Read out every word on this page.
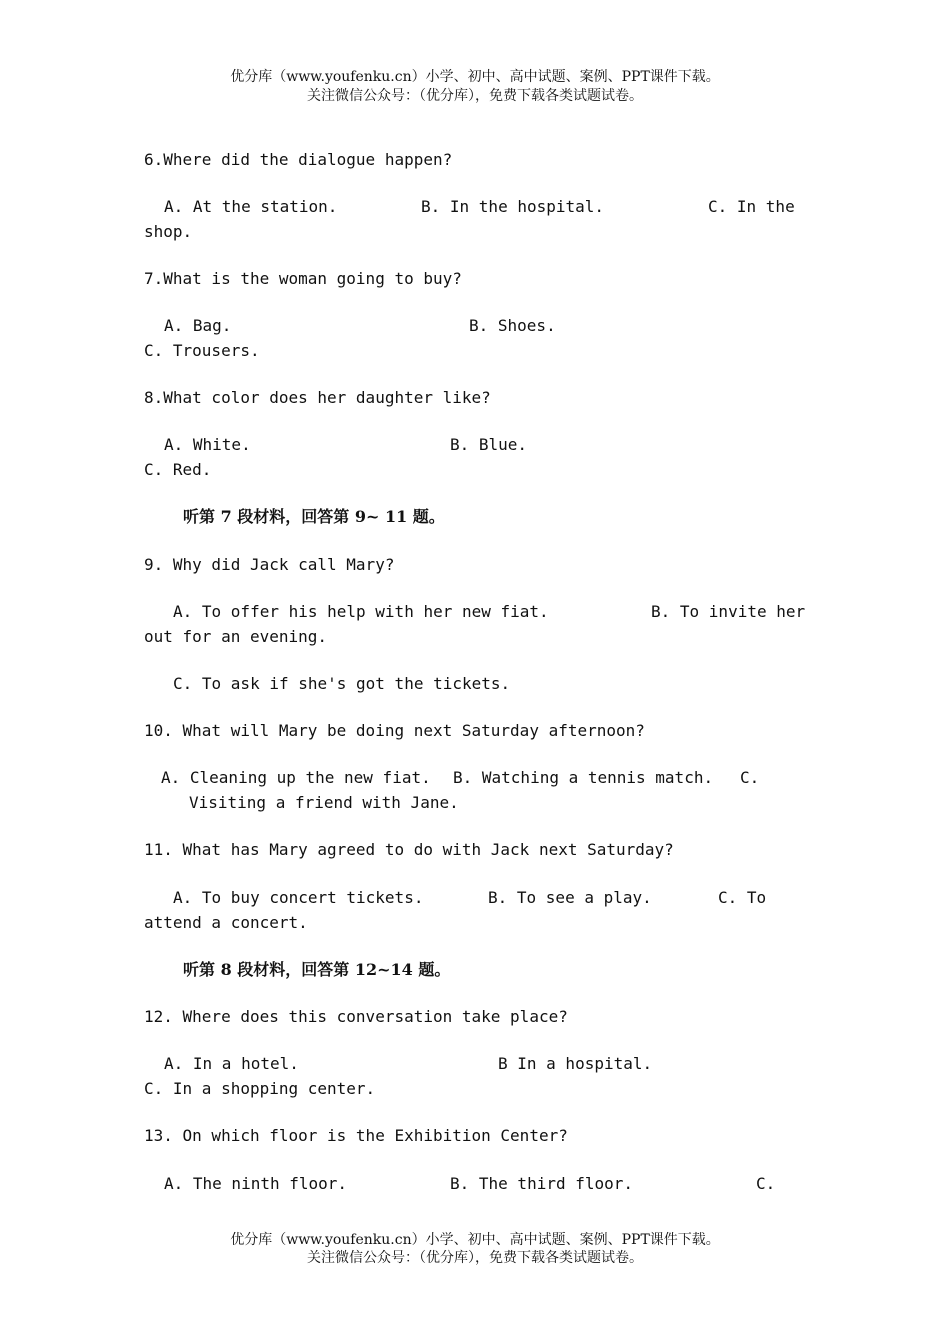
优分库（www.youfenku.cn）小学、初中、高中试题、案例、PPT课件下载。
关注微信公众号：（优分库），免费下载各类试题试卷。
6.Where did the dialogue happen?
A. At the station.	B. In the hospital.	C. In the
shop.
7.What is the woman going to buy?
A. Bag.	B. Shoes.
C. Trousers.
8.What color does her daughter like?
A. White.	B. Blue.
C. Red.
听第 7 段材料，回答第 9~ 11 题。
9. Why did Jack call Mary?
A. To offer his help with her new fiat.	B. To invite her
out for an evening.
C. To ask if she's got the tickets.
10. What will Mary be doing next Saturday afternoon?
A. Cleaning up the new fiat. B. Watching a tennis match. C.
Visiting a friend with Jane.
11. What has Mary agreed to do with Jack next Saturday?
A. To buy concert tickets.	B. To see a play.	C. To
attend a concert.
听第 8 段材料，回答第 12~14 题。
12. Where does this conversation take place?
A. In a hotel.	B In a hospital.
C. In a shopping center.
13. On which floor is the Exhibition Center?
A. The ninth floor.	B. The third floor.	C.
优分库（www.youfenku.cn）小学、初中、高中试题、案例、PPT课件下载。
关注微信公众号：（优分库），免费下载各类试题试卷。
